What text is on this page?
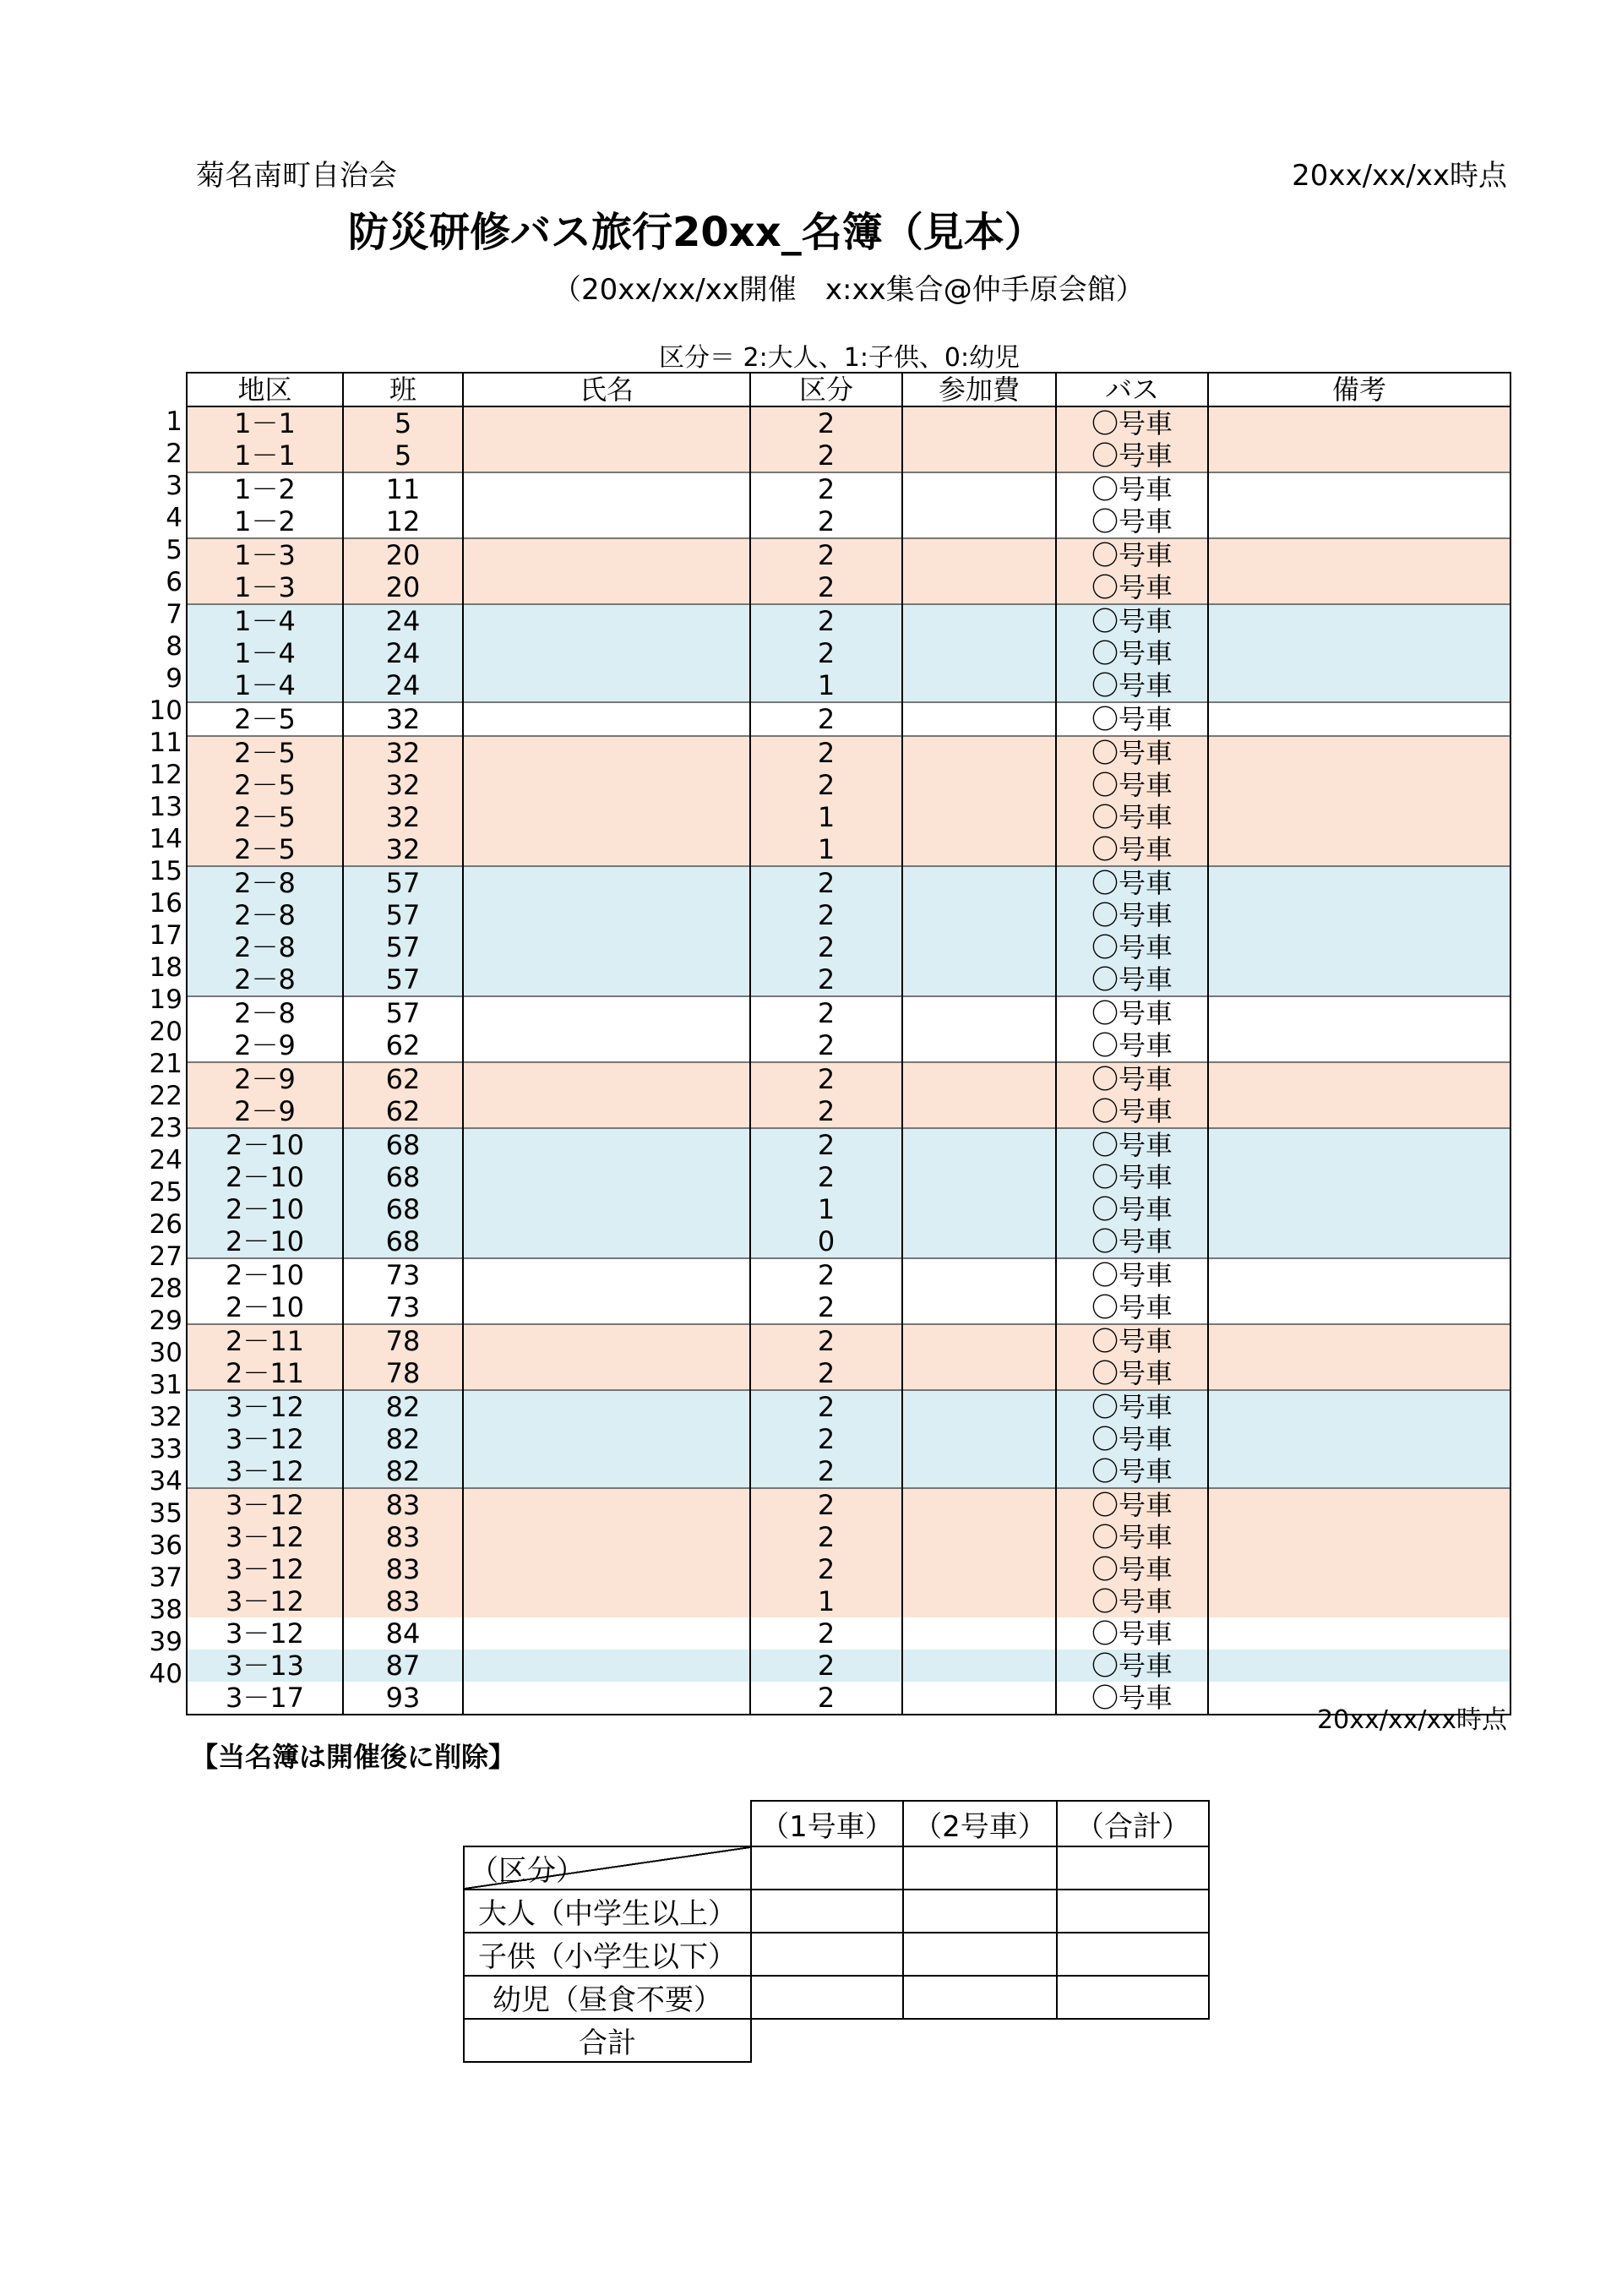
菊名南町自治会	20xx/xx/xx時点
防災研修バス旅行20xx_名簿（見本）
（20xx/xx/xx開催　x:xx集合@仲手原会館）
区分＝ 2:大人、1:子供、0:幼児
1
2
3
4
5
6
7
8
9
10
11
12
13
14
15
16
17
18
19
20
21
22
23
24
25
26
27
28
29
30
31
32
33
34
35
36
37
38
39
40
地区	班	氏名	区分	参加費	バス	備考
1－1	5		2		〇号車	
1－1	5		2		〇号車	
1－2	11		2		〇号車	
1－2	12		2		〇号車	
1－3	20		2		〇号車	
1－3	20		2		〇号車	
1－4	24		2		〇号車	
1－4	24		2		〇号車	
1－4	24		1		〇号車	
2－5	32		2		〇号車	
2－5	32		2		〇号車	
2－5	32		2		〇号車	
2－5	32		1		〇号車	
2－5	32		1		〇号車	
2－8	57		2		〇号車	
2－8	57		2		〇号車	
2－8	57		2		〇号車	
2－8	57		2		〇号車	
2－8	57		2		〇号車	
2－9	62		2		〇号車	
2－9	62		2		〇号車	
2－9	62		2		〇号車	
2－10	68		2		〇号車	
2－10	68		2		〇号車	
2－10	68		1		〇号車	
2－10	68		0		〇号車	
2－10	73		2		〇号車	
2－10	73		2		〇号車	
2－11	78		2		〇号車	
2－11	78		2		〇号車	
3－12	82		2		〇号車	
3－12	82		2		〇号車	
3－12	82		2		〇号車	
3－12	83		2		〇号車	
3－12	83		2		〇号車	
3－12	83		2		〇号車	
3－12	83		1		〇号車	
3－12	84		2		〇号車	
3－13	87		2		〇号車	
3－17	93		2		〇号車	
20xx/xx/xx時点
【当名簿は開催後に削除】
	（1号車）	（2号車）	（合計）
（区分）			
大人（中学生以上）			
子供（小学生以下）			
幼児（昼食不要）			
合計			
